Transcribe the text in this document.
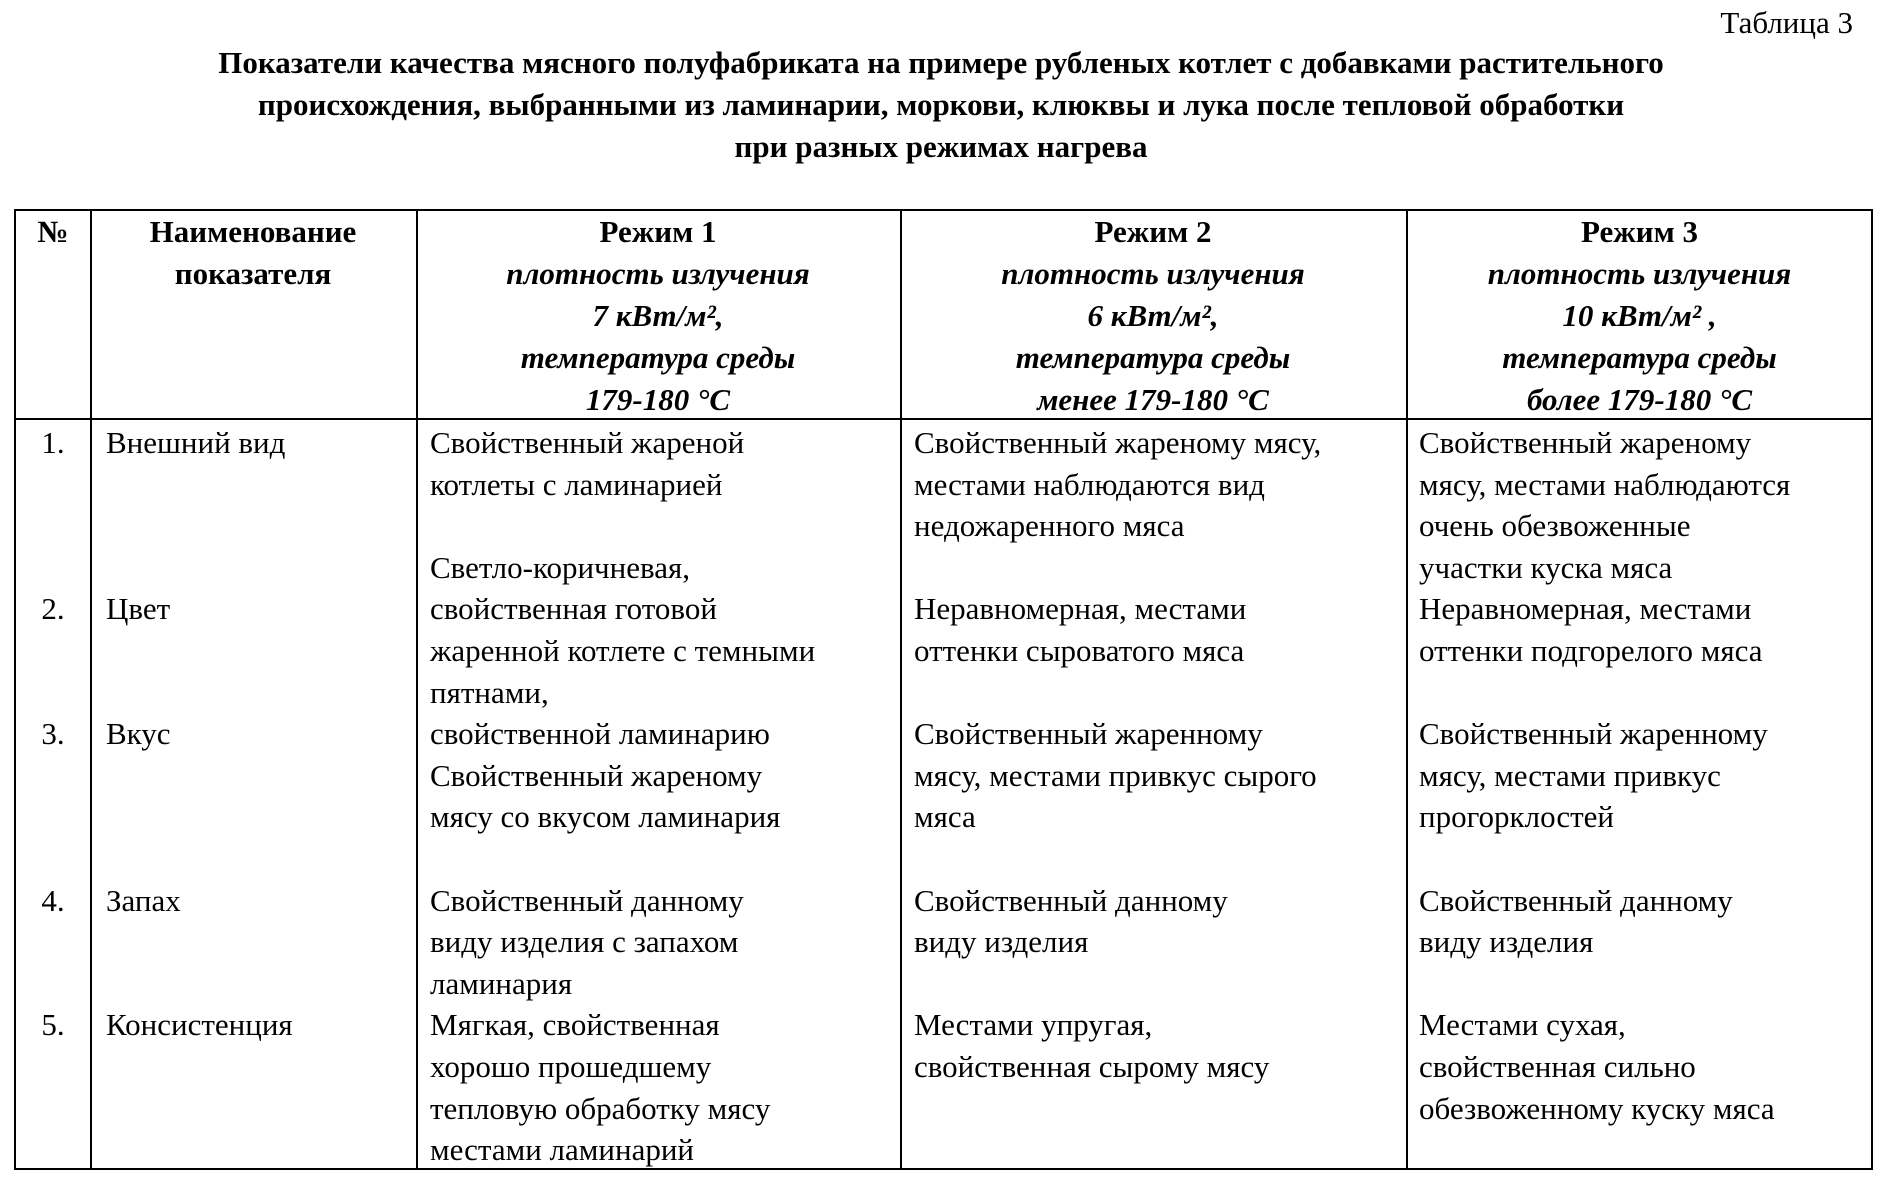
Таблица 3
Показатели качества мясного полуфабриката на примере рубленых котлет с добавками растительного
происхождения, выбранными из ламинарии, моркови, клюквы и лука после тепловой обработки
при разных режимах нагрева
№	Наименование
показателя
Режим 1
плотность излучения
7 кВт/м²,
температура среды
179-180 °С
Режим 2
плотность излучения
6 кВт/м²,
температура среды
менее 179-180 °С
Режим 3
плотность излучения
10 кВт/м² ,
температура среды
более 179-180 °С
1.
2.
3.
4.
5.
Внешний вид
Цвет
Вкус
Запах
Консистенция
Свойственный жареной
котлеты с ламинарией
Светло-коричневая,
свойственная готовой
жаренной котлете с темными
пятнами,
свойственной ламинарию
Свойственный жареному
мясу со вкусом ламинария
Свойственный данному
виду изделия с запахом
ламинария
Мягкая, свойственная
хорошо прошедшему
тепловую обработку мясу
местами ламинарий
Свойственный жареному мясу,
местами наблюдаются вид
недожаренного мяса
Неравномерная, местами
оттенки сыроватого мяса
Свойственный жаренному
мясу, местами привкус сырого
мяса
Свойственный данному
виду изделия
Местами упругая,
свойственная сырому мясу
Свойственный жареному
мясу, местами наблюдаются
очень обезвоженные
участки куска мяса
Неравномерная, местами
оттенки подгорелого мяса
Свойственный жаренному
мясу, местами привкус
прогорклостей
Свойственный данному
виду изделия
Местами сухая,
свойственная сильно
обезвоженному куску мяса
